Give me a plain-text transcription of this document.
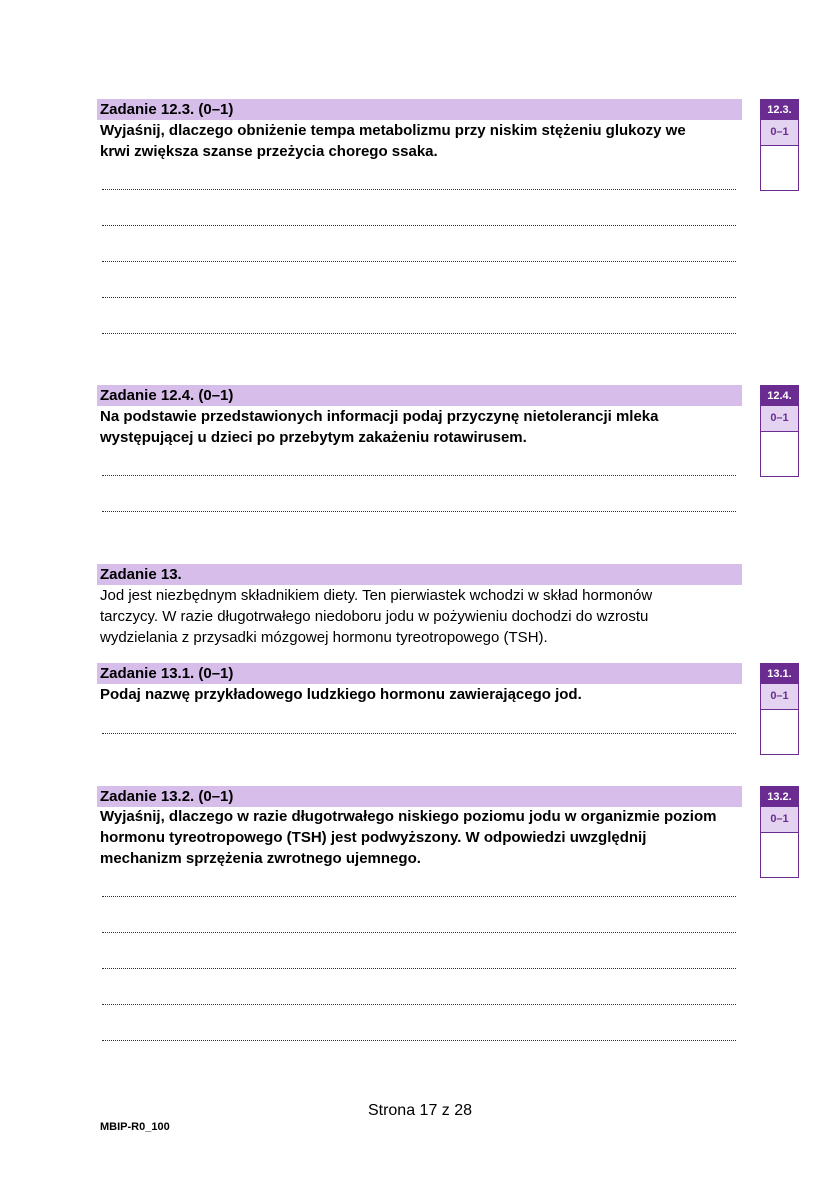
Zadanie 12.3. (0–1)
Wyjaśnij, dlaczego obniżenie tempa metabolizmu przy niskim stężeniu glukozy we
krwi zwiększa szanse przeżycia chorego ssaka.
12.3.
0–1
Zadanie 12.4. (0–1)
Na podstawie przedstawionych informacji podaj przyczynę nietolerancji mleka
występującej u dzieci po przebytym zakażeniu rotawirusem.
12.4.
0–1
Zadanie 13.
Jod jest niezbędnym składnikiem diety. Ten pierwiastek wchodzi w skład hormonów
tarczycy. W razie długotrwałego niedoboru jodu w pożywieniu dochodzi do wzrostu
wydzielania z przysadki mózgowej hormonu tyreotropowego (TSH).
Zadanie 13.1. (0–1)
Podaj nazwę przykładowego ludzkiego hormonu zawierającego jod.
13.1.
0–1
Zadanie 13.2. (0–1)
Wyjaśnij, dlaczego w razie długotrwałego niskiego poziomu jodu w organizmie poziom
hormonu tyreotropowego (TSH) jest podwyższony. W odpowiedzi uwzględnij
mechanizm sprzężenia zwrotnego ujemnego.
13.2.
0–1
Strona 17 z 28
MBIP-R0_100
